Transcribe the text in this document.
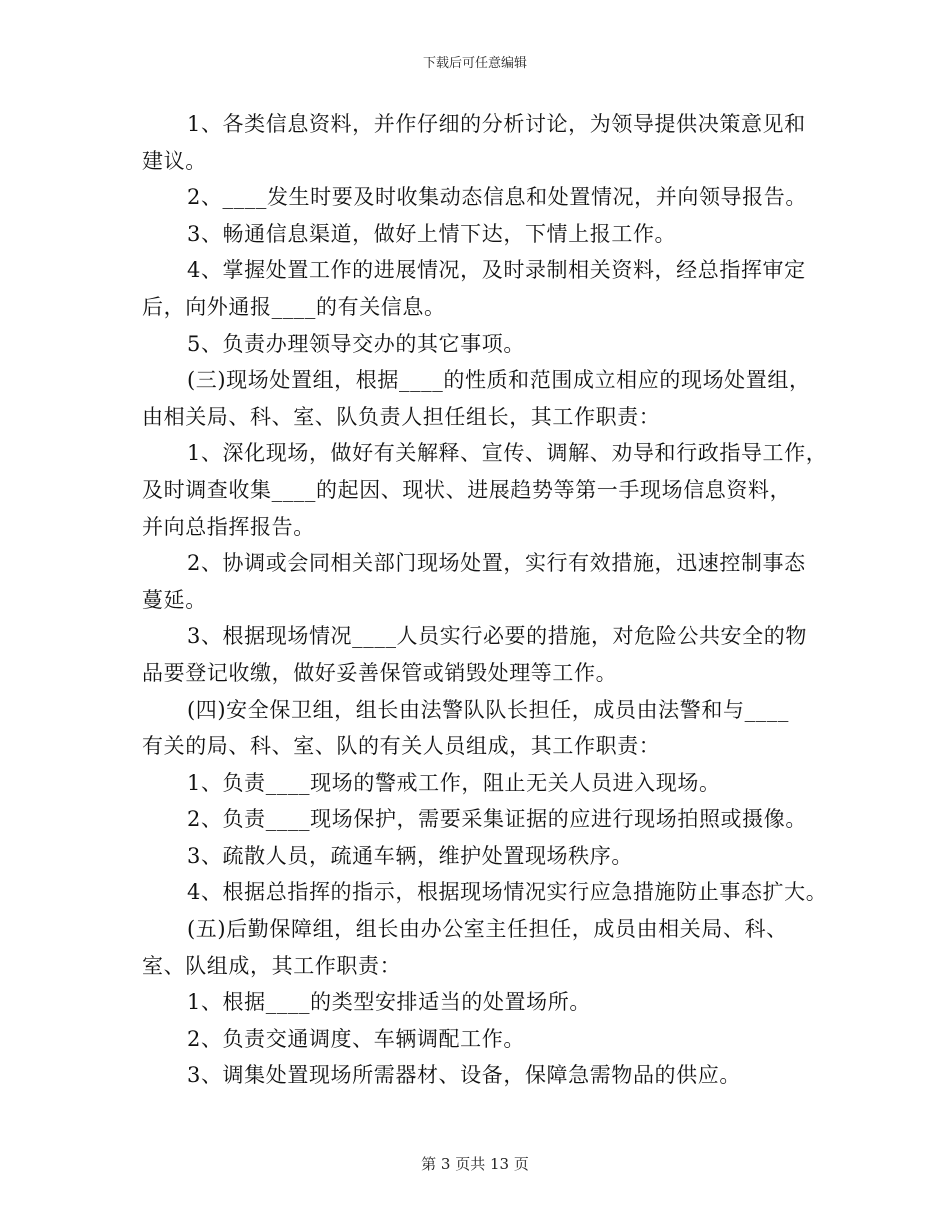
下载后可任意编辑
1、各类信息资料，并作仔细的分析讨论，为领导提供决策意见和
建议。
2、____发生时要及时收集动态信息和处置情况，并向领导报告。
3、畅通信息渠道，做好上情下达，下情上报工作。
4、掌握处置工作的进展情况，及时录制相关资料，经总指挥审定
后，向外通报____的有关信息。
5、负责办理领导交办的其它事项。
(三)现场处置组，根据____的性质和范围成立相应的现场处置组，
由相关局、科、室、队负责人担任组长，其工作职责：
1、深化现场，做好有关解释、宣传、调解、劝导和行政指导工作，
及时调查收集____的起因、现状、进展趋势等第一手现场信息资料，
并向总指挥报告。
2、协调或会同相关部门现场处置，实行有效措施，迅速控制事态
蔓延。
3、根据现场情况____人员实行必要的措施，对危险公共安全的物
品要登记收缴，做好妥善保管或销毁处理等工作。
(四)安全保卫组，组长由法警队队长担任，成员由法警和与____
有关的局、科、室、队的有关人员组成，其工作职责：
1、负责____现场的警戒工作，阻止无关人员进入现场。
2、负责____现场保护，需要采集证据的应进行现场拍照或摄像。
3、疏散人员，疏通车辆，维护处置现场秩序。
4、根据总指挥的指示，根据现场情况实行应急措施防止事态扩大。
(五)后勤保障组，组长由办公室主任担任，成员由相关局、科、
室、队组成，其工作职责：
1、根据____的类型安排适当的处置场所。
2、负责交通调度、车辆调配工作。
3、调集处置现场所需器材、设备，保障急需物品的供应。
第 3 页共 13 页
